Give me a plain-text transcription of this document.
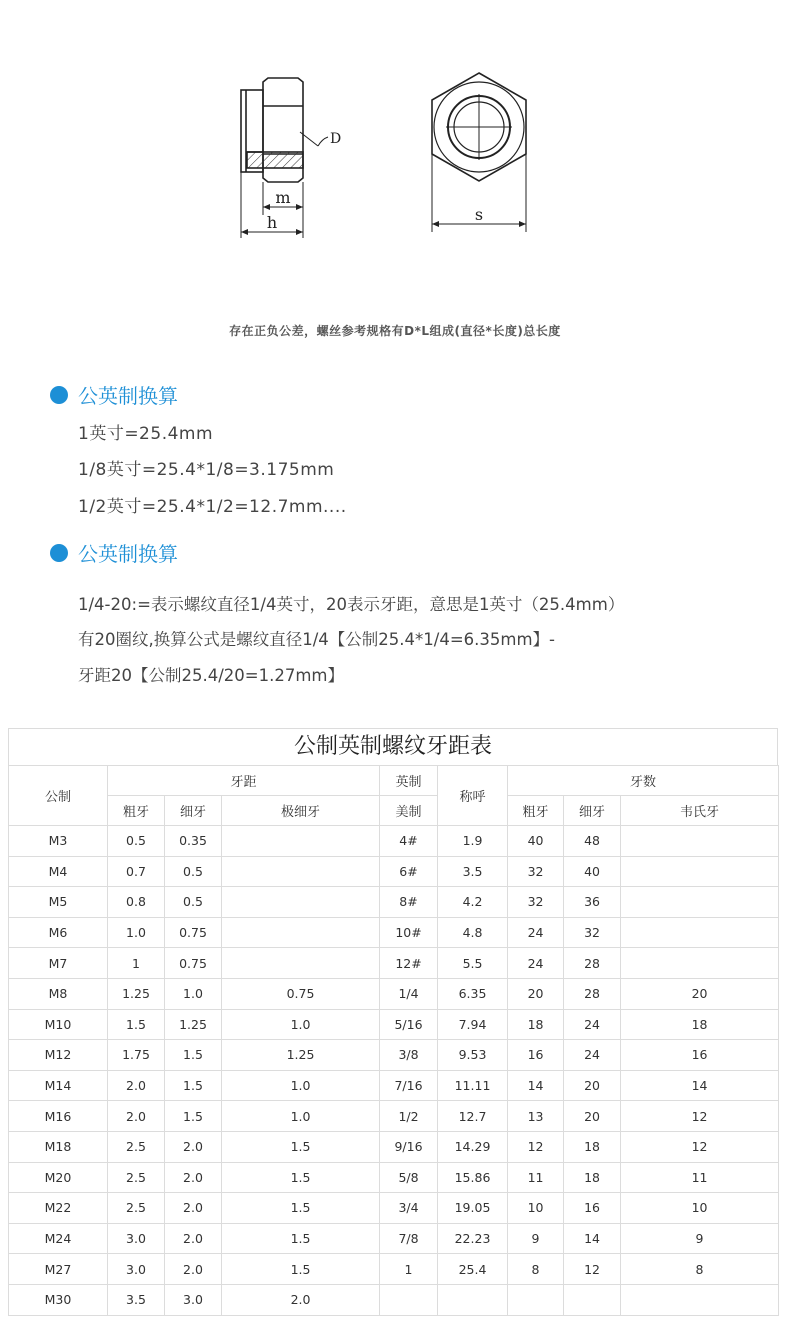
D
m
h	s
存在正负公差，螺丝参考规格有D*L组成(直径*长度)总长度
公英制换算
1英寸=25.4mm
1/8英寸=25.4*1/8=3.175mm
1/2英寸=25.4*1/2=12.7mm....
公英制换算
1/4-20:=表示螺纹直径1/4英寸，20表示牙距，意思是1英寸（25.4mm）
有20圈纹,换算公式是螺纹直径1/4【公制25.4*1/4=6.35mm】-
牙距20【公制25.4/20=1.27mm】
公制英制螺纹牙距表
公制	牙距			英制	称呼	牙数		
	粗牙	细牙	极细牙	美制		粗牙	细牙	韦氏牙
M3	0.5	0.35		4#	1.9	40	48	
M4	0.7	0.5		6#	3.5	32	40	
M5	0.8	0.5		8#	4.2	32	36	
M6	1.0	0.75		10#	4.8	24	32	
M7	1	0.75		12#	5.5	24	28	
M8	1.25	1.0	0.75	1/4	6.35	20	28	20
M10	1.5	1.25	1.0	5/16	7.94	18	24	18
M12	1.75	1.5	1.25	3/8	9.53	16	24	16
M14	2.0	1.5	1.0	7/16	11.11	14	20	14
M16	2.0	1.5	1.0	1/2	12.7	13	20	12
M18	2.5	2.0	1.5	9/16	14.29	12	18	12
M20	2.5	2.0	1.5	5/8	15.86	11	18	11
M22	2.5	2.0	1.5	3/4	19.05	10	16	10
M24	3.0	2.0	1.5	7/8	22.23	9	14	9
M27	3.0	2.0	1.5	1	25.4	8	12	8
M30	3.5	3.0	2.0					
